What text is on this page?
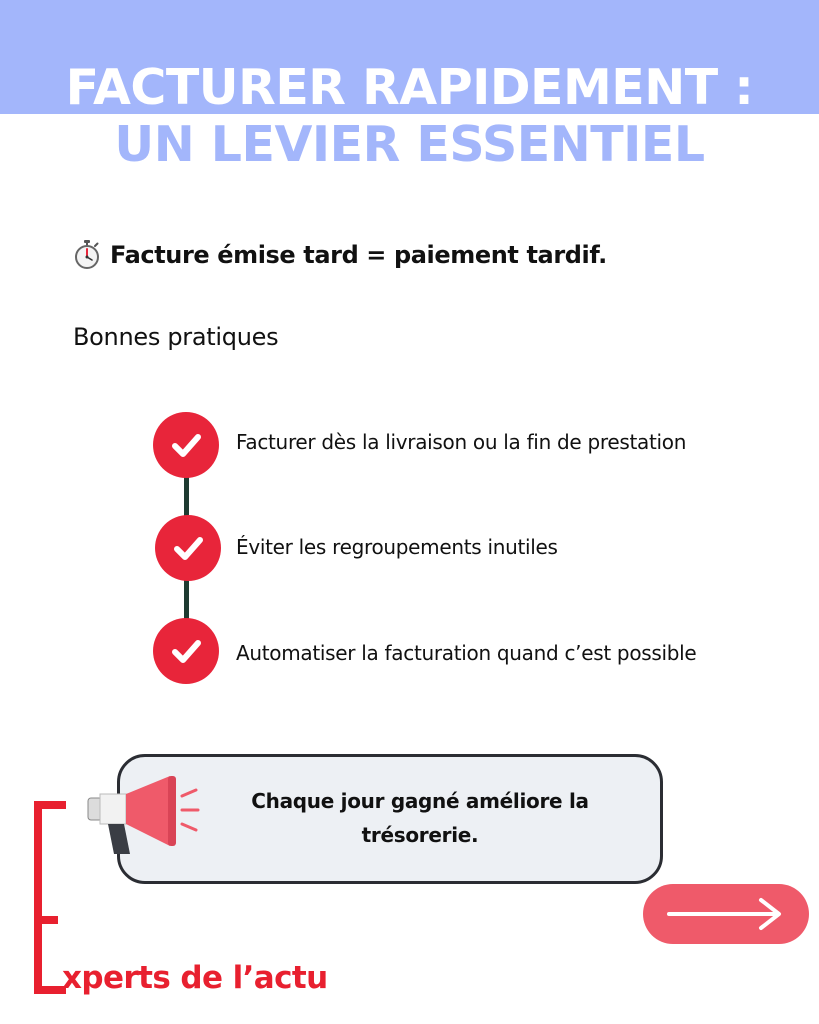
FACTURER RAPIDEMENT :
UN LEVIER ESSENTIEL
Facture émise tard = paiement tardif.
Bonnes pratiques
Facturer dès la livraison ou la fin de prestation
Éviter les regroupements inutiles
Automatiser la facturation quand c’est possible
Chaque jour gagné améliore la trésorerie.
xperts de l’actu
